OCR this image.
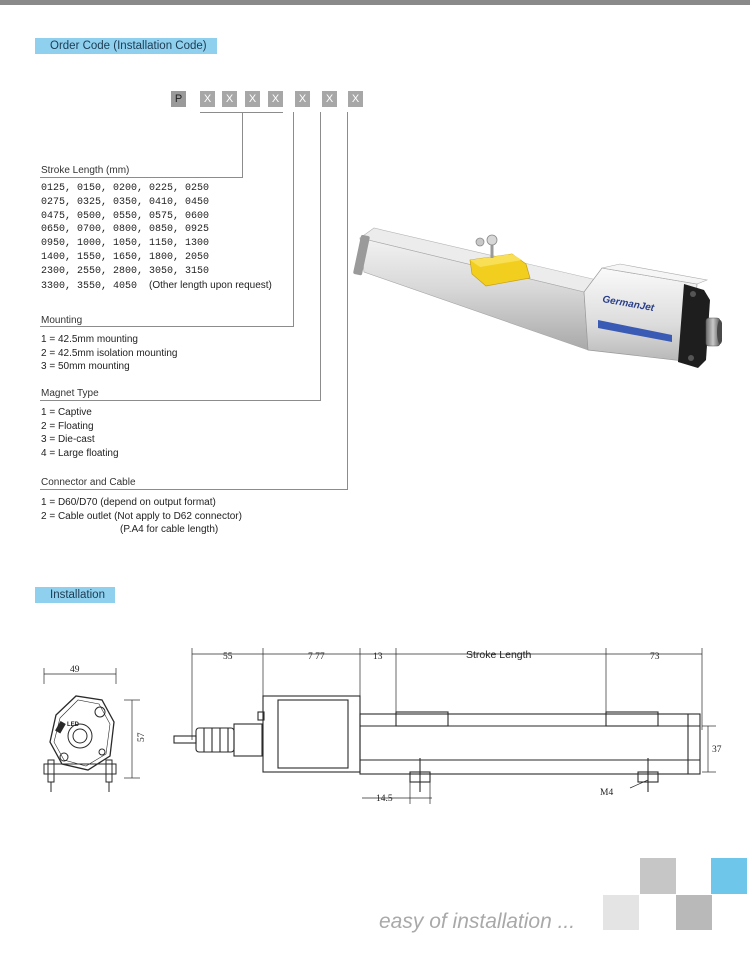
Order Code (Installation Code)
P	X	X	X	X	X	X	X
Stroke Length (mm)
0125, 0150, 0200, 0225, 0250
0275, 0325, 0350, 0410, 0450
0475, 0500, 0550, 0575, 0600
0650, 0700, 0800, 0850, 0925
0950, 1000, 1050, 1150, 1300
1400, 1550, 1650, 1800, 2050
2300, 2550, 2800, 3050, 3150
3300, 3550, 4050 (Other length upon request)
Mounting
1 = 42.5mm mounting
2 = 42.5mm isolation mounting
3 = 50mm mounting
Magnet Type
1 = Captive
2 = Floating
3 = Die-cast
4 = Large floating
Connector and Cable
1 = D60/D70 (depend on output format)
2 = Cable outlet (Not apply to D62 connector)
(P.A4 for cable length)
GermanJet
Installation
49
57
LED
55	7 77	13	Stroke Length	73
37
14.5
M4
easy of installation ...
